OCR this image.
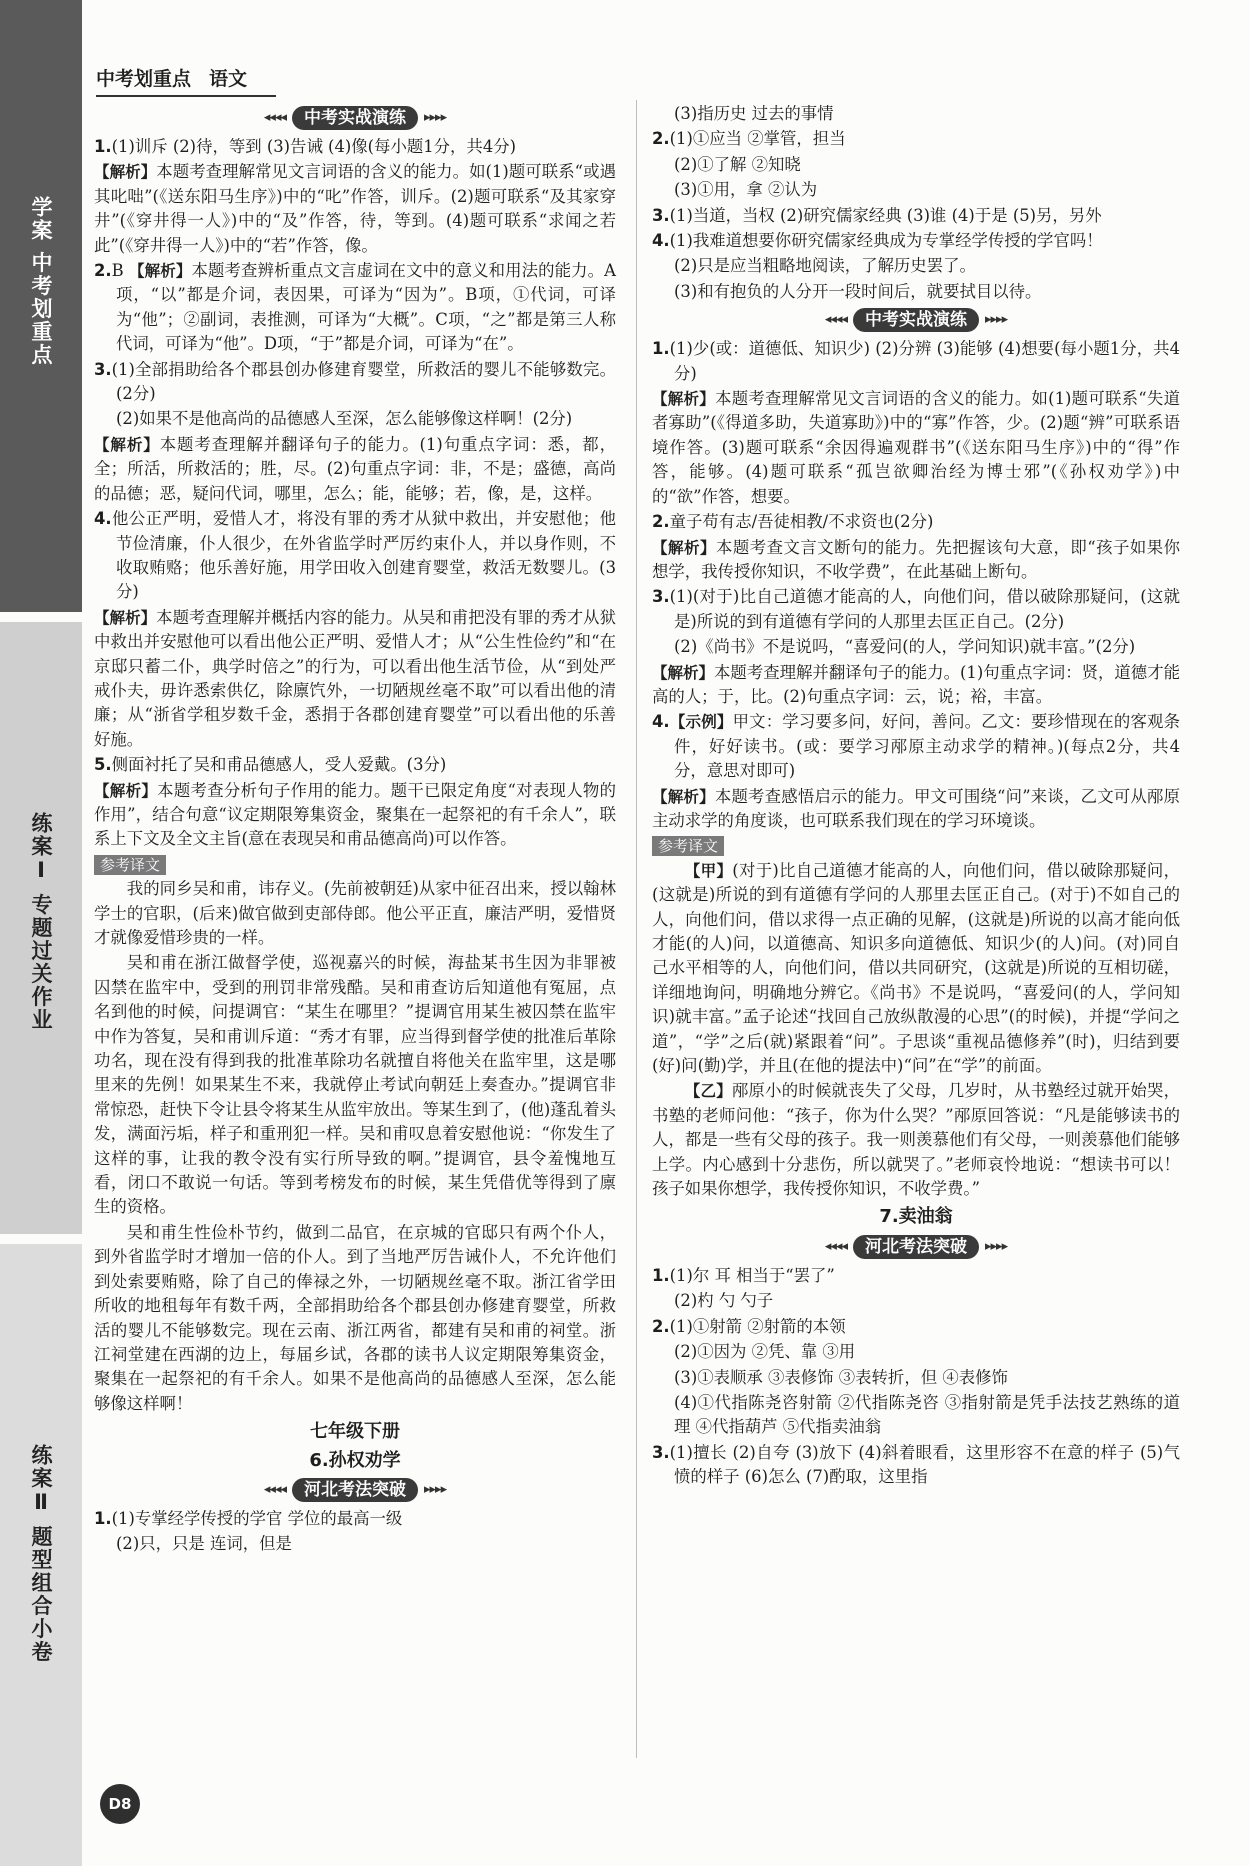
学案 中考划重点
练案Ⅰ 专题过关作业
练案Ⅱ 题型组合小卷
中考划重点 语文
◂◂◂◂	中考实战演练	▸▸▸▸

1.(1)训斥 (2)待，等到 (3)告诫 (4)像(每小题1分，共4分)

【解析】本题考查理解常见文言词语的含义的能力。如(1)题可联系“或遇其叱咄”(《送东阳马生序》)中的“叱”作答，训斥。(2)题可联系“及其家穿井”(《穿井得一人》)中的“及”作答，待，等到。(4)题可联系“求闻之若此”(《穿井得一人》)中的“若”作答，像。

2.B 【解析】本题考查辨析重点文言虚词在文中的意义和用法的能力。A项，“以”都是介词，表因果，可译为“因为”。B项，①代词，可译为“他”；②副词，表推测，可译为“大概”。C项，“之”都是第三人称代词，可译为“他”。D项，“于”都是介词，可译为“在”。

3.(1)全部捐助给各个郡县创办修建育婴堂，所救活的婴儿不能够数完。(2分)

(2)如果不是他高尚的品德感人至深，怎么能够像这样啊！(2分)

【解析】本题考查理解并翻译句子的能力。(1)句重点字词：悉，都，全；所活，所救活的；胜，尽。(2)句重点字词：非，不是；盛德，高尚的品德；恶，疑问代词，哪里，怎么；能，能够；若，像，是，这样。

4.他公正严明，爱惜人才，将没有罪的秀才从狱中救出，并安慰他；他节俭清廉，仆人很少，在外省监学时严厉约束仆人，并以身作则，不收取贿赂；他乐善好施，用学田收入创建育婴堂，救活无数婴儿。(3分)

【解析】本题考查理解并概括内容的能力。从吴和甫把没有罪的秀才从狱中救出并安慰他可以看出他公正严明、爱惜人才；从“公生性俭约”和“在京邸只蓄二仆，典学时倍之”的行为，可以看出他生活节俭，从“到处严戒仆夫，毋许悉索供亿，除廪饩外，一切陋规丝毫不取”可以看出他的清廉；从“浙省学租岁数千金，悉捐于各郡创建育婴堂”可以看出他的乐善好施。

5.侧面衬托了吴和甫品德感人，受人爱戴。(3分)

【解析】本题考查分析句子作用的能力。题干已限定角度“对表现人物的作用”，结合句意“议定期限筹集资金，聚集在一起祭祀的有千余人”，联系上下文及全文主旨(意在表现吴和甫品德高尚)可以作答。

参考译文

我的同乡吴和甫，讳存义。(先前被朝廷)从家中征召出来，授以翰林学士的官职，(后来)做官做到吏部侍郎。他公平正直，廉洁严明，爱惜贤才就像爱惜珍贵的一样。

吴和甫在浙江做督学使，巡视嘉兴的时候，海盐某书生因为非罪被囚禁在监牢中，受到的刑罚非常残酷。吴和甫查访后知道他有冤屈，点名到他的时候，问提调官：“某生在哪里？”提调官用某生被囚禁在监牢中作为答复，吴和甫训斥道：“秀才有罪，应当得到督学使的批准后革除功名，现在没有得到我的批准革除功名就擅自将他关在监牢里，这是哪里来的先例！如果某生不来，我就停止考试向朝廷上奏查办。”提调官非常惊恐，赶快下令让县令将某生从监牢放出。等某生到了，(他)蓬乱着头发，满面污垢，样子和重刑犯一样。吴和甫叹息着安慰他说：“你发生了这样的事，让我的教令没有实行所导致的啊。”提调官，县令羞愧地互看，闭口不敢说一句话。等到考榜发布的时候，某生凭借优等得到了廪生的资格。

吴和甫生性俭朴节约，做到二品官，在京城的官邸只有两个仆人，到外省监学时才增加一倍的仆人。到了当地严厉告诫仆人，不允许他们到处索要贿赂，除了自己的俸禄之外，一切陋规丝毫不取。浙江省学田所收的地租每年有数千两，全部捐助给各个郡县创办修建育婴堂，所救活的婴儿不能够数完。现在云南、浙江两省，都建有吴和甫的祠堂。浙江祠堂建在西湖的边上，每届乡试，各郡的读书人议定期限筹集资金，聚集在一起祭祀的有千余人。如果不是他高尚的品德感人至深，怎么能够像这样啊！

七年级下册
6.孙权劝学
◂◂◂◂	河北考法突破	▸▸▸▸

1.(1)专掌经学传授的学官 学位的最高一级

(2)只，只是 连词，但是

(3)指历史 过去的事情

2.(1)①应当 ②掌管，担当

(2)①了解 ②知晓

(3)①用，拿 ②认为

3.(1)当道，当权 (2)研究儒家经典 (3)谁 (4)于是 (5)另，另外

4.(1)我难道想要你研究儒家经典成为专掌经学传授的学官吗！

(2)只是应当粗略地阅读，了解历史罢了。

(3)和有抱负的人分开一段时间后，就要拭目以待。

◂◂◂◂	中考实战演练	▸▸▸▸

1.(1)少(或：道德低、知识少) (2)分辨 (3)能够 (4)想要(每小题1分，共4分)

【解析】本题考查理解常见文言词语的含义的能力。如(1)题可联系“失道者寡助”(《得道多助，失道寡助》)中的“寡”作答，少。(2)题“辨”可联系语境作答。(3)题可联系“余因得遍观群书”(《送东阳马生序》)中的“得”作答，能够。(4)题可联系“孤岂欲卿治经为博士邪”(《孙权劝学》)中的“欲”作答，想要。

2.童子苟有志/吾徒相教/不求资也(2分)

【解析】本题考查文言文断句的能力。先把握该句大意，即“孩子如果你想学，我传授你知识，不收学费”，在此基础上断句。

3.(1)(对于)比自己道德才能高的人，向他们问，借以破除那疑问，(这就是)所说的到有道德有学问的人那里去匡正自己。(2分)

(2)《尚书》不是说吗，“喜爱问(的人，学问知识)就丰富。”(2分)

【解析】本题考查理解并翻译句子的能力。(1)句重点字词：贤，道德才能高的人；于，比。(2)句重点字词：云，说；裕，丰富。

4.【示例】甲文：学习要多问，好问，善问。乙文：要珍惜现在的客观条件，好好读书。(或：要学习邴原主动求学的精神。)(每点2分，共4分，意思对即可)

【解析】本题考查感悟启示的能力。甲文可围绕“问”来谈，乙文可从邴原主动求学的角度谈，也可联系我们现在的学习环境谈。

参考译文

【甲】(对于)比自己道德才能高的人，向他们问，借以破除那疑问，(这就是)所说的到有道德有学问的人那里去匡正自己。(对于)不如自己的人，向他们问，借以求得一点正确的见解，(这就是)所说的以高才能向低才能(的人)问，以道德高、知识多向道德低、知识少(的人)问。(对)同自己水平相等的人，向他们问，借以共同研究，(这就是)所说的互相切磋，详细地询问，明确地分辨它。《尚书》不是说吗，“喜爱问(的人，学问知识)就丰富。”孟子论述“找回自己放纵散漫的心思”(的时候)，并提“学问之道”，“学”之后(就)紧跟着“问”。子思谈“重视品德修养”(时)，归结到要(好)问(勤)学，并且(在他的提法中)“问”在“学”的前面。

【乙】邴原小的时候就丧失了父母，几岁时，从书塾经过就开始哭，书塾的老师问他：“孩子，你为什么哭？”邴原回答说：“凡是能够读书的人，都是一些有父母的孩子。我一则羡慕他们有父母，一则羡慕他们能够上学。内心感到十分悲伤，所以就哭了。”老师哀怜地说：“想读书可以！孩子如果你想学，我传授你知识，不收学费。”

7.卖油翁
◂◂◂◂	河北考法突破	▸▸▸▸

1.(1)尔 耳 相当于“罢了”

(2)杓 勺 勺子

2.(1)①射箭 ②射箭的本领

(2)①因为 ②凭、靠 ③用

(3)①表顺承 ③表修饰 ③表转折，但 ④表修饰

(4)①代指陈尧咨射箭 ②代指陈尧咨 ③指射箭是凭手法技艺熟练的道理 ④代指葫芦 ⑤代指卖油翁

3.(1)擅长 (2)自夸 (3)放下 (4)斜着眼看，这里形容不在意的样子 (5)气愤的样子 (6)怎么 (7)酌取，这里指

D8
